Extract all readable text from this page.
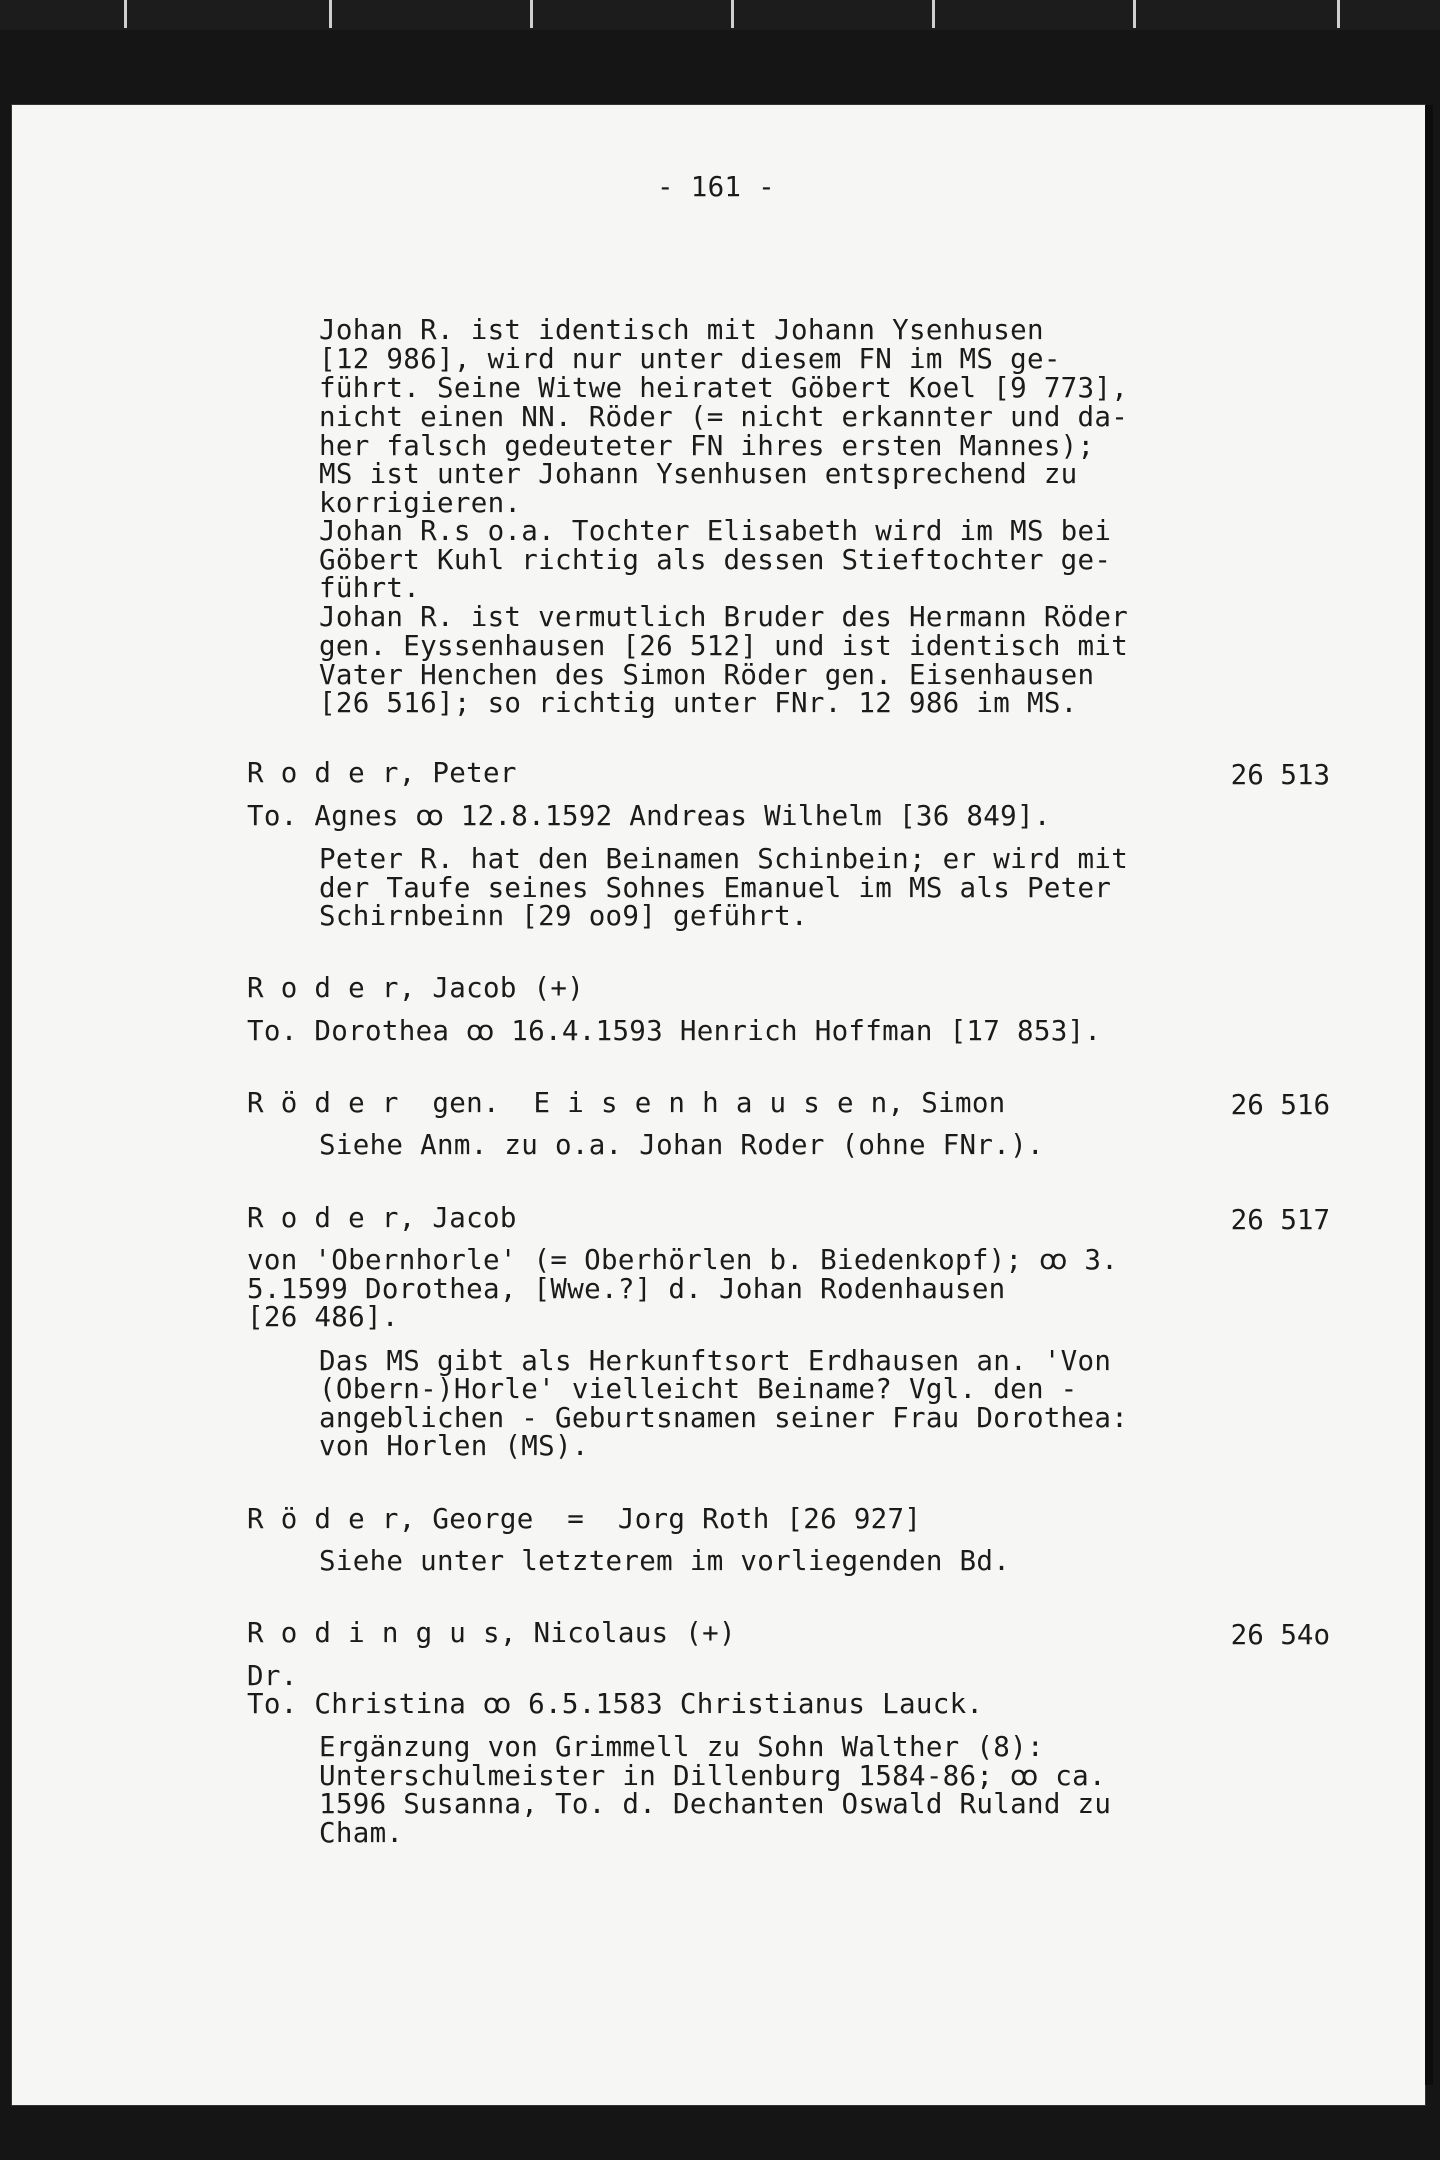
- 161 -
Johan R. ist identisch mit Johann Ysenhusen
[12 986], wird nur unter diesem FN im MS ge-
führt. Seine Witwe heiratet Göbert Koel [9 773],
nicht einen NN. Röder (= nicht erkannter und da-
her falsch gedeuteter FN ihres ersten Mannes);
MS ist unter Johann Ysenhusen entsprechend zu
korrigieren.
Johan R.s o.a. Tochter Elisabeth wird im MS bei
Göbert Kuhl richtig als dessen Stieftochter ge-
führt.
Johan R. ist vermutlich Bruder des Hermann Röder
gen. Eyssenhausen [26 512] und ist identisch mit
Vater Henchen des Simon Röder gen. Eisenhausen
[26 516]; so richtig unter FNr. 12 986 im MS.
R o d e r, Peter	26 513
To. Agnes ꝏ 12.8.1592 Andreas Wilhelm [36 849].
Peter R. hat den Beinamen Schinbein; er wird mit
der Taufe seines Sohnes Emanuel im MS als Peter
Schirnbeinn [29 oo9] geführt.
R o d e r, Jacob (+)
To. Dorothea ꝏ 16.4.1593 Henrich Hoffman [17 853].
R ö d e r  gen.  E i s e n h a u s e n, Simon	26 516
Siehe Anm. zu o.a. Johan Roder (ohne FNr.).
R o d e r, Jacob	26 517
von 'Obernhorle' (= Oberhörlen b. Biedenkopf); ꝏ 3.
5.1599 Dorothea, [Wwe.?] d. Johan Rodenhausen
[26 486].
Das MS gibt als Herkunftsort Erdhausen an. 'Von
(Obern-)Horle' vielleicht Beiname? Vgl. den -
angeblichen - Geburtsnamen seiner Frau Dorothea:
von Horlen (MS).
R ö d e r, George  =  Jorg Roth [26 927]
Siehe unter letzterem im vorliegenden Bd.
R o d i n g u s, Nicolaus (+)	26 54o
Dr.
To. Christina ꝏ 6.5.1583 Christianus Lauck.
Ergänzung von Grimmell zu Sohn Walther (8):
Unterschulmeister in Dillenburg 1584-86; ꝏ ca.
1596 Susanna, To. d. Dechanten Oswald Ruland zu
Cham.
